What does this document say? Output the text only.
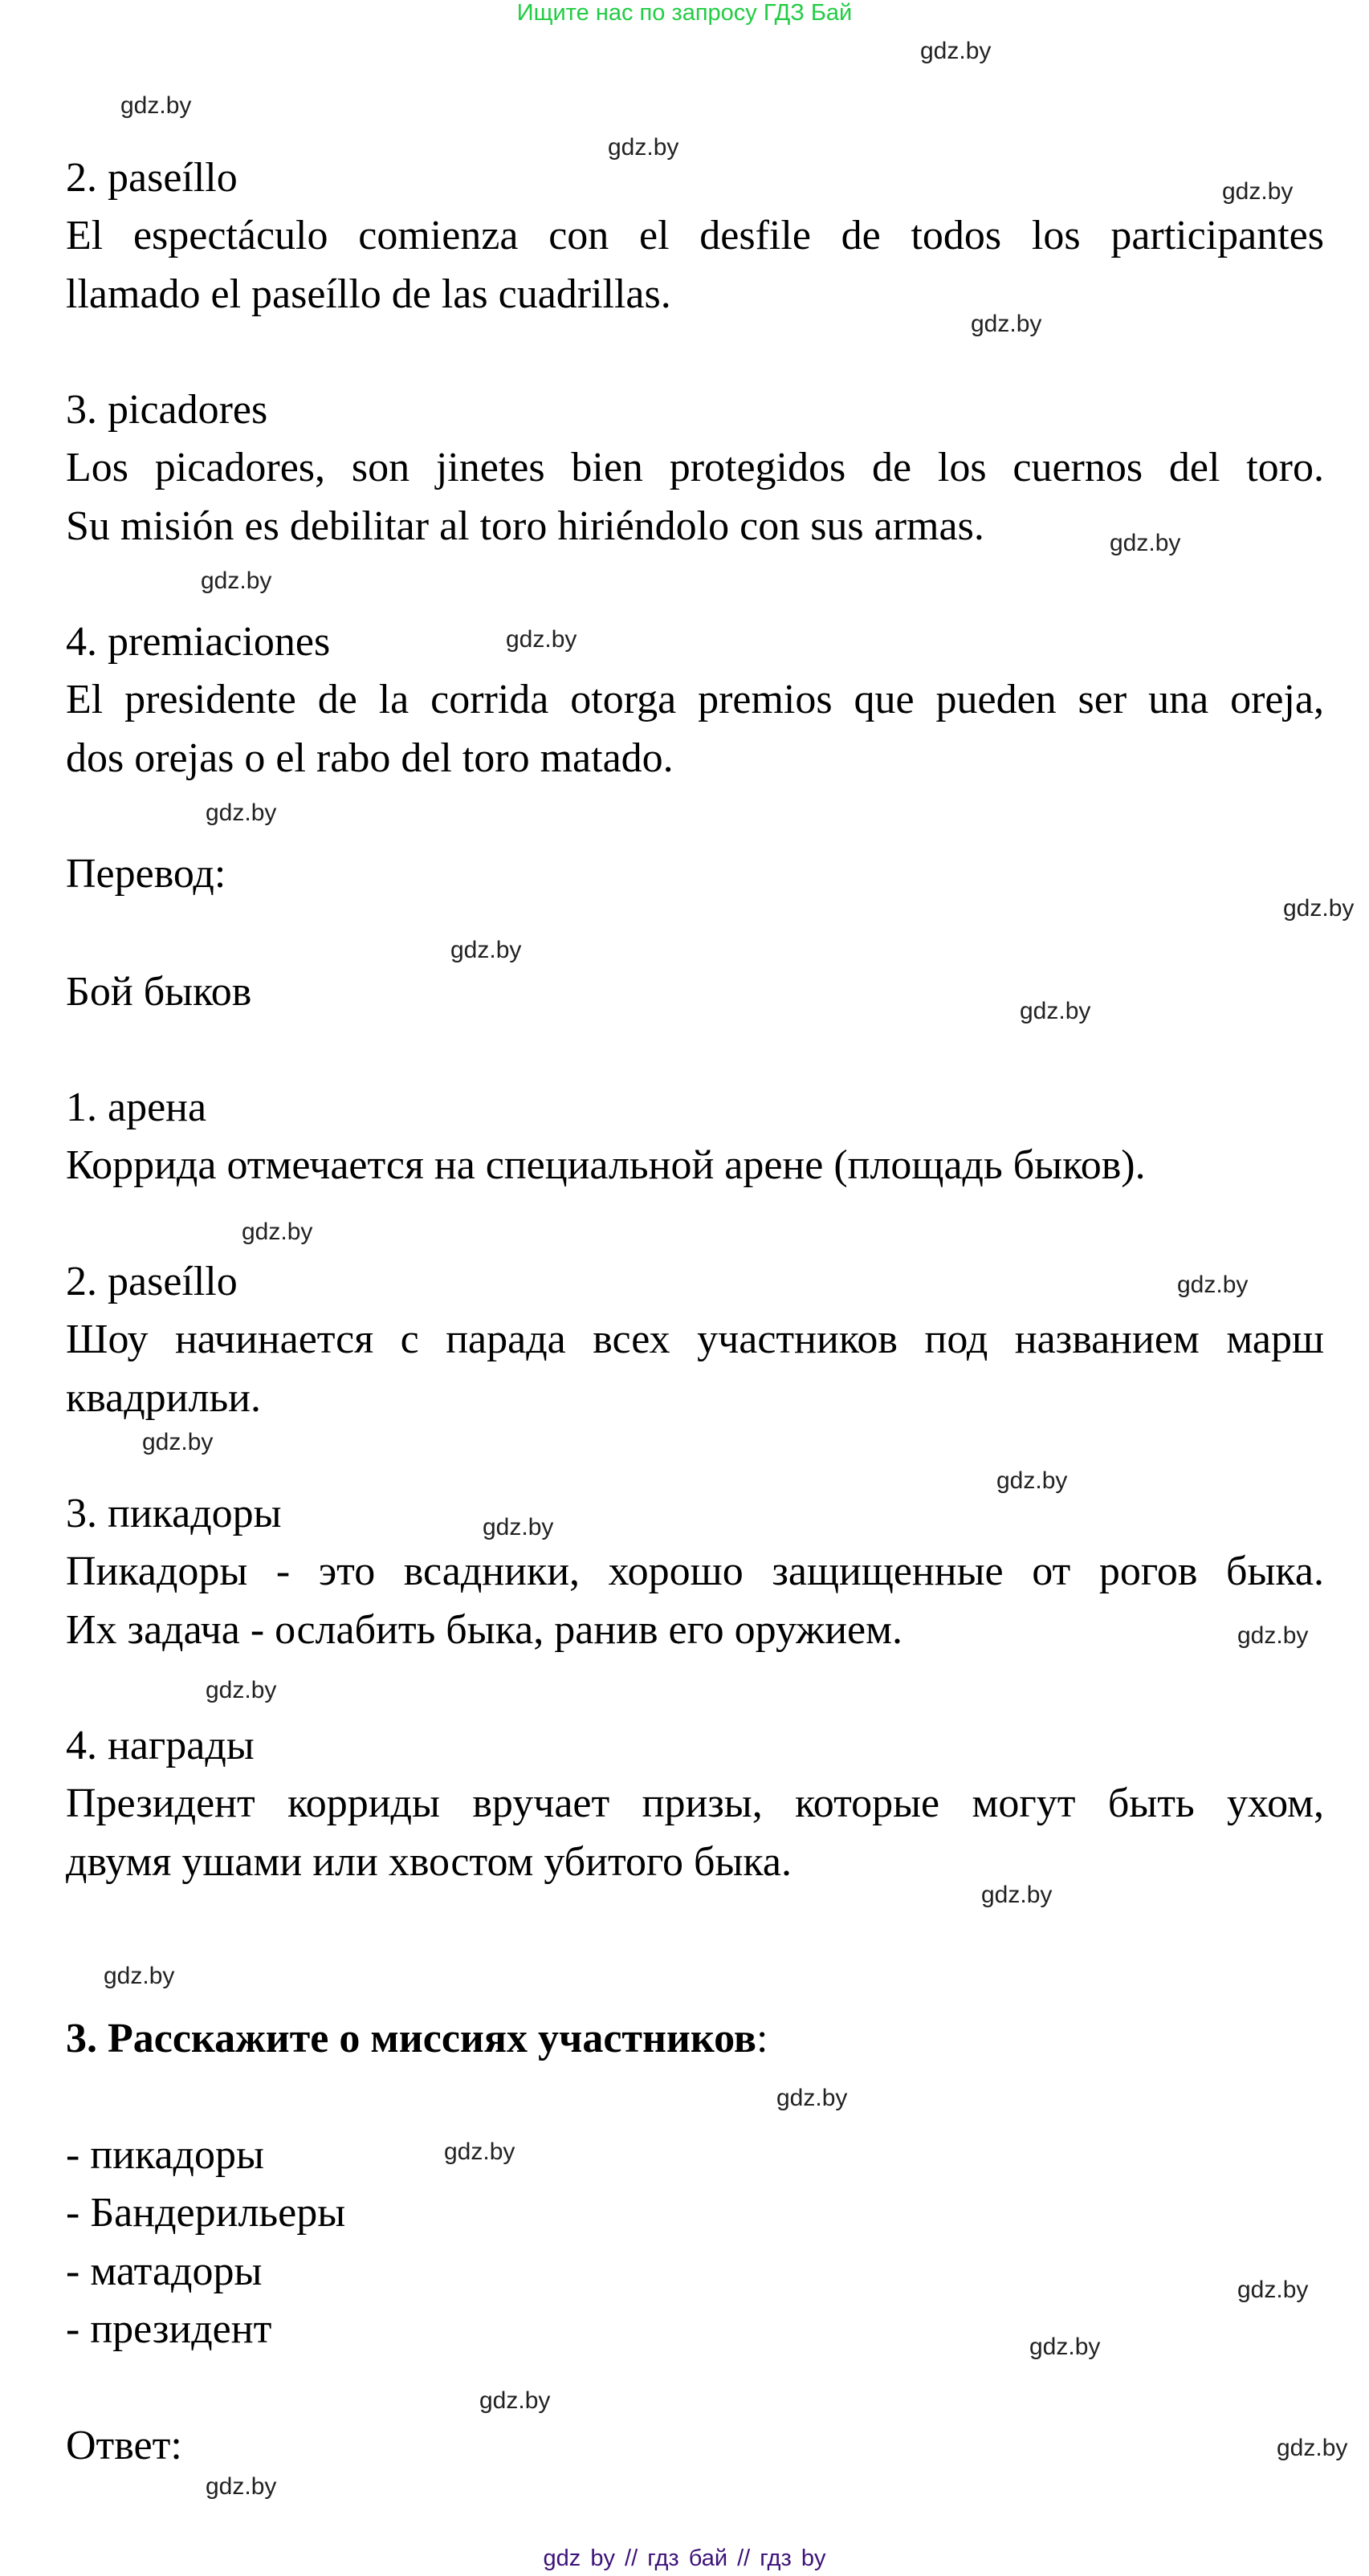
Ищите нас по запросу ГДЗ Бай
2. paseíllo
El espectáculo comienza con el desfile de todos los participantes
llamado el paseíllo de las cuadrillas.
3. picadores
Los picadores, son jinetes bien protegidos de los cuernos del toro.
Su misión es debilitar al toro hiriéndolo con sus armas.
4. premiaciones
El presidente de la corrida otorga premios que pueden ser una oreja,
dos orejas o el rabo del toro matado.
Перевод:
Бой быков
1. арена
Коррида отмечается на специальной арене (площадь быков).
2. paseíllo
Шоу начинается с парада всех участников под названием марш
квадрильи.
3. пикадоры
Пикадоры - это всадники, хорошо защищенные от рогов быка.
Их задача - ослабить быка, ранив его оружием.
4. награды
Президент корриды вручает призы, которые могут быть ухом,
двумя ушами или хвостом убитого быка.
3. Расскажите о миссиях участников:
- пикадоры
- Бандерильеры
- матадоры
- президент
Ответ:
gdz.by
gdz.by
gdz.by
gdz.by
gdz.by
gdz.by
gdz.by
gdz.by
gdz.by
gdz.by
gdz.by
gdz.by
gdz.by
gdz.by
gdz.by
gdz.by
gdz.by
gdz.by
gdz.by
gdz.by
gdz.by
gdz.by
gdz.by
gdz.by
gdz.by
gdz.by
gdz.by
gdz.by
gdz by // гдз бай // гдз by
